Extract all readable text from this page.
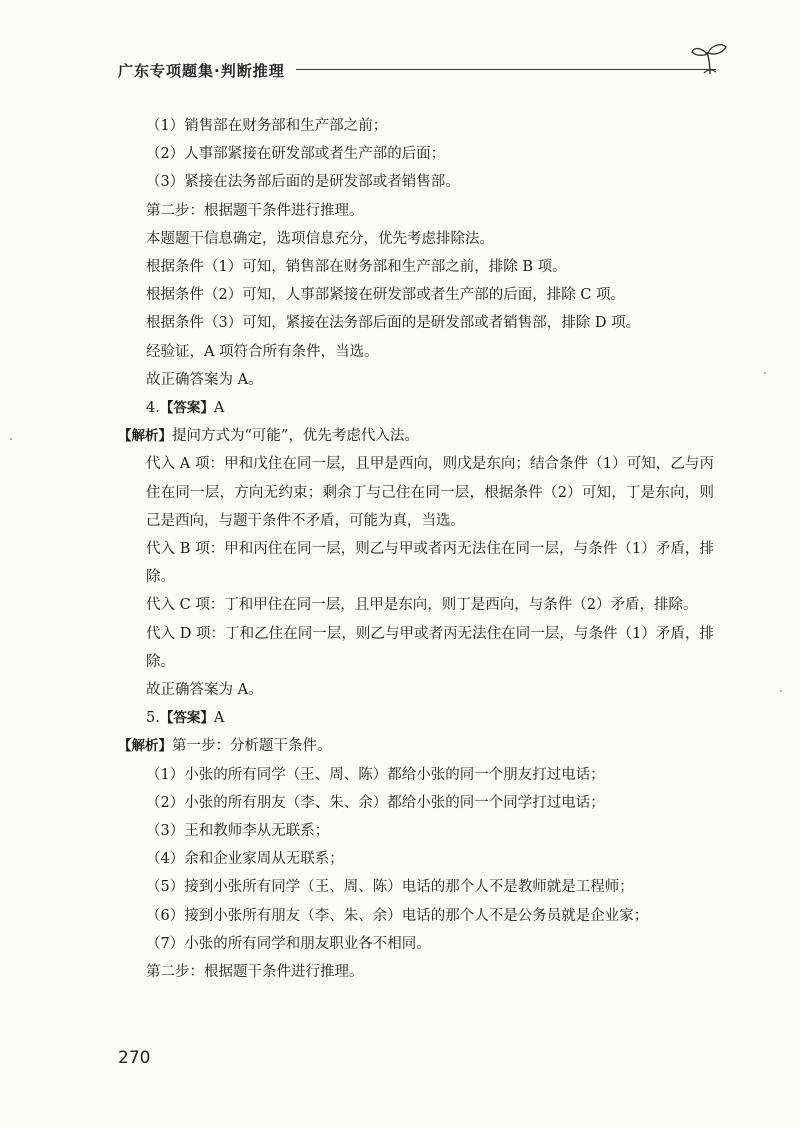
广东专项题集·判断推理
（1）销售部在财务部和生产部之前；
（2）人事部紧接在研发部或者生产部的后面；
（3）紧接在法务部后面的是研发部或者销售部。
第二步：根据题干条件进行推理。
本题题干信息确定，选项信息充分，优先考虑排除法。
根据条件（1）可知，销售部在财务部和生产部之前，排除 B 项。
根据条件（2）可知，人事部紧接在研发部或者生产部的后面，排除 C 项。
根据条件（3）可知，紧接在法务部后面的是研发部或者销售部，排除 D 项。
经验证，A 项符合所有条件，当选。
故正确答案为 A。
4.【答案】A
【解析】提问方式为“可能”，优先考虑代入法。
代入 A 项：甲和戊住在同一层，且甲是西向，则戊是东向；结合条件（1）可知，乙与丙住在同一层，方向无约束；剩余丁与己住在同一层，根据条件（2）可知，丁是东向，则己是西向，与题干条件不矛盾，可能为真，当选。
代入 B 项：甲和丙住在同一层，则乙与甲或者丙无法住在同一层，与条件（1）矛盾，排除。
代入 C 项：丁和甲住在同一层，且甲是东向，则丁是西向，与条件（2）矛盾，排除。
代入 D 项：丁和乙住在同一层，则乙与甲或者丙无法住在同一层，与条件（1）矛盾，排除。
故正确答案为 A。
5.【答案】A
【解析】第一步：分析题干条件。
（1）小张的所有同学（王、周、陈）都给小张的同一个朋友打过电话；
（2）小张的所有朋友（李、朱、余）都给小张的同一个同学打过电话；
（3）王和教师李从无联系；
（4）余和企业家周从无联系；
（5）接到小张所有同学（王、周、陈）电话的那个人不是教师就是工程师；
（6）接到小张所有朋友（李、朱、余）电话的那个人不是公务员就是企业家；
（7）小张的所有同学和朋友职业各不相同。
第二步：根据题干条件进行推理。
270
